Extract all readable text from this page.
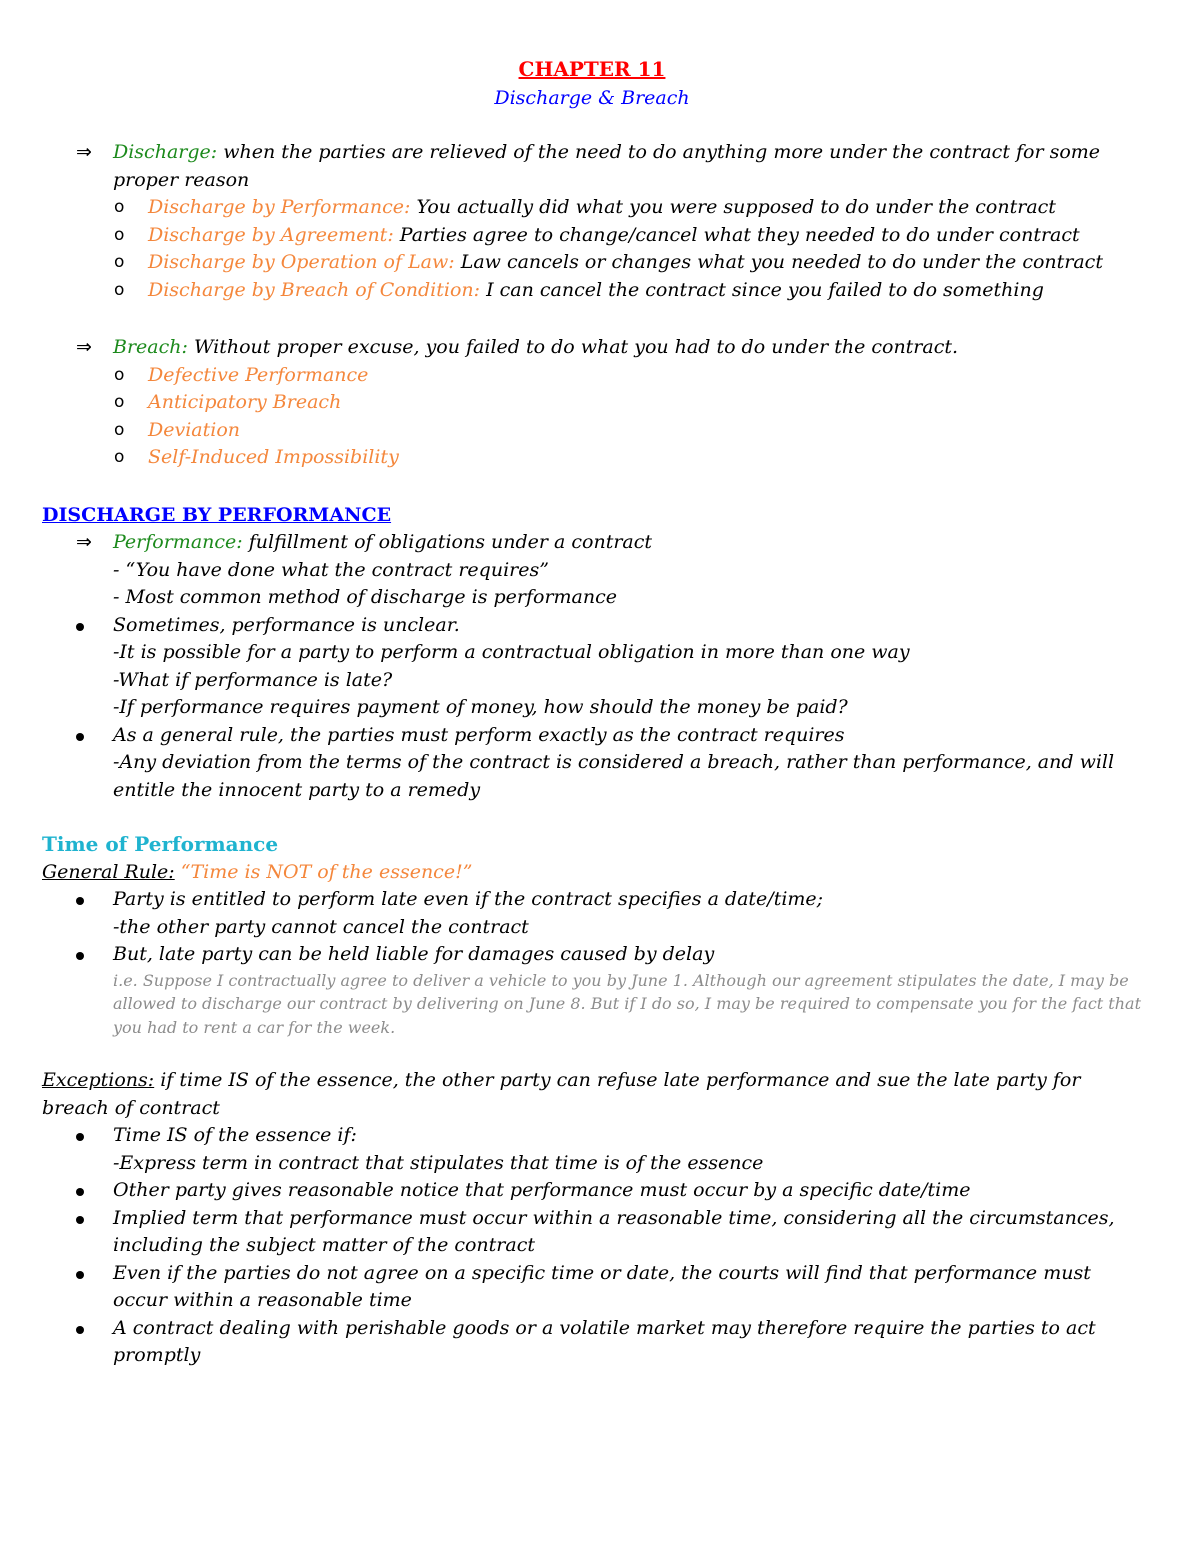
CHAPTER 11
Discharge & Breach
⇒ Discharge: when the parties are relieved of the need to do anything more under the contract for some proper reason
o Discharge by Performance: You actually did what you were supposed to do under the contract
o Discharge by Agreement: Parties agree to change/cancel what they needed to do under contract
o Discharge by Operation of Law: Law cancels or changes what you needed to do under the contract
o Discharge by Breach of Condition: I can cancel the contract since you failed to do something
⇒ Breach: Without proper excuse, you failed to do what you had to do under the contract.
o Defective Performance
o Anticipatory Breach
o Deviation
o Self-Induced Impossibility
DISCHARGE BY PERFORMANCE
⇒ Performance: fulfillment of obligations under a contract
- “You have done what the contract requires”
- Most common method of discharge is performance
Sometimes, performance is unclear.
-It is possible for a party to perform a contractual obligation in more than one way
-What if performance is late?
-If performance requires payment of money, how should the money be paid?
As a general rule, the parties must perform exactly as the contract requires
-Any deviation from the terms of the contract is considered a breach, rather than performance, and will entitle the innocent party to a remedy
Time of Performance
General Rule: “Time is NOT of the essence!”
Party is entitled to perform late even if the contract specifies a date/time;
-the other party cannot cancel the contract
But, late party can be held liable for damages caused by delay
i.e. Suppose I contractually agree to deliver a vehicle to you by June 1. Although our agreement stipulates the date, I may be allowed to discharge our contract by delivering on June 8. But if I do so, I may be required to compensate you for the fact that you had to rent a car for the week.
Exceptions: if time IS of the essence, the other party can refuse late performance and sue the late party for breach of contract
Time IS of the essence if:
-Express term in contract that stipulates that time is of the essence
Other party gives reasonable notice that performance must occur by a specific date/time
Implied term that performance must occur within a reasonable time, considering all the circumstances, including the subject matter of the contract
Even if the parties do not agree on a specific time or date, the courts will find that performance must occur within a reasonable time
A contract dealing with perishable goods or a volatile market may therefore require the parties to act promptly
